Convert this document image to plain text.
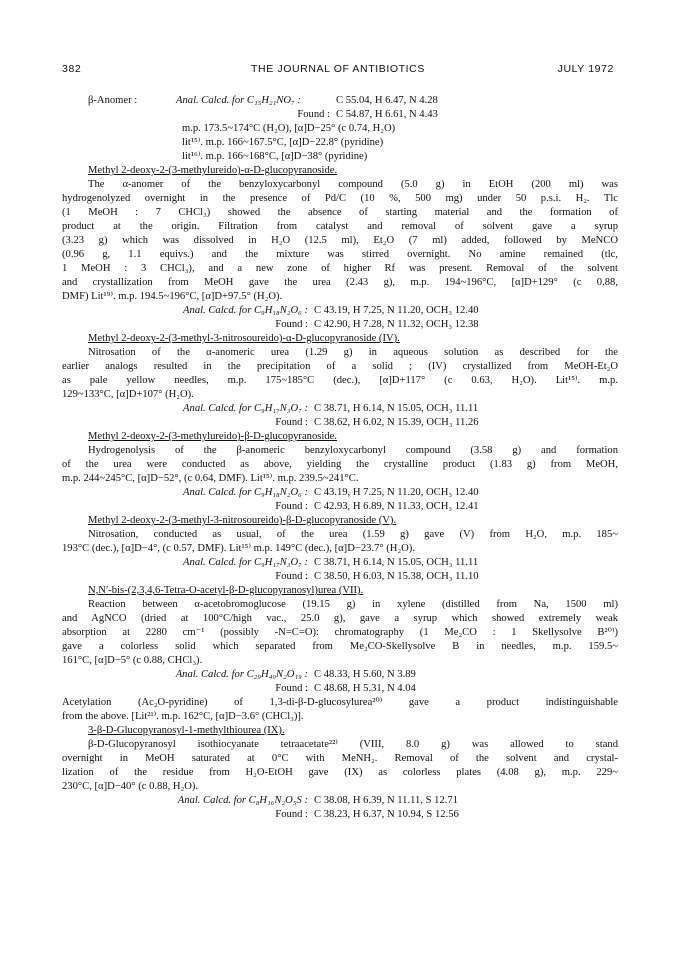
382	THE JOURNAL OF ANTIBIOTICS	JULY 1972
β-Anomer :	Anal. Calcd. for C₁₅H₂₁NO₇ :	C 55.04, H 6.47, N 4.28
Found : C 54.87, H 6.61, N 4.43
m.p. 173.5~174°C (H₂O), [α]D−25° (c 0.74, H₂O)
lit¹⁵⁾. m.p. 166~167.5°C, [α]D−22.8° (pyridine)
lit¹⁶⁾. m.p. 166~168°C, [α]D−38° (pyridine)
Methyl 2-deoxy-2-(3-methylureido)-α-D-glucopyranoside.
The α-anomer of the benzyloxycarbonyl compound (5.0 g) in EtOH (200 ml) was
hydrogenolyzed overnight in the presence of Pd/C (10 %, 500 mg) under 50 p.s.i. H₂. Tlc
(1 MeOH : 7 CHCl₃) showed the absence of starting material and the formation of
product at the origin. Filtration from catalyst and removal of solvent gave a syrup
(3.23 g) which was dissolved in H₂O (12.5 ml), Et₂O (7 ml) added, followed by MeNCO
(0.96 g, 1.1 equivs.) and the mixture was stirred overnight. No amine remained (tlc,
1 MeOH : 3 CHCl₃), and a new zone of higher Rf was present. Removal of the solvent
and crystallization from MeOH gave the urea (2.43 g), m.p. 194~196°C, [α]D+129° (c 0.88,
DMF) Lit¹⁹⁾. m.p. 194.5~196°C, [α]D+97.5° (H₂O).
Anal. Calcd. for C₉H₁₈N₂O₆ : C 43.19, H 7.25, N 11.20, OCH₃ 12.40
Found : C 42.90, H 7.28, N 11.32, OCH₃ 12.38
Methyl 2-deoxy-2-(3-methyl-3-nitrosoureido)-α-D-glucopyranoside (IV).
Nitrosation of the α-anomeric urea (1.29 g) in aqueous solution as described for the
earlier analogs resulted in the precipitation of a solid ; (IV) crystallized from MeOH-Et₂O
as pale yellow needles, m.p. 175~185°C (dec.), [α]D+117° (c 0.63, H₂O). Lit¹⁵⁾. m.p.
129~133°C, [α]D+107° (H₂O).
Anal. Calcd. for C₉H₁₇N₃O₇ : C 38.71, H 6.14, N 15.05, OCH₃ 11.11
Found : C 38.62, H 6.02, N 15.39, OCH₃ 11.26
Methyl 2-deoxy-2-(3-methylureido)-β-D-glucopyranoside.
Hydrogenolysis of the β-anomeric benzyloxycarbonyl compound (3.58 g) and formation
of the urea were conducted as above, yielding the crystalline product (1.83 g) from MeOH,
m.p. 244~245°C, [α]D−52°, (c 0.64, DMF). Lit¹⁵⁾. m.p. 239.5~241°C.
Anal. Calcd. for C₉H₁₈N₂O₆ : C 43.19, H 7.25, N 11.20, OCH₃ 12.40
Found : C 42.93, H 6.89, N 11.33, OCH₃ 12.41
Methyl 2-deoxy-2-(3-methyl-3-nitrosoureido)-β-D-glucopyranoside (V).
Nitrosation, conducted as usual, of the urea (1.59 g) gave (V) from H₂O, m.p. 185~
193°C (dec.), [α]D−4°, (c 0.57, DMF). Lit¹⁵⁾ m.p. 149°C (dec.), [α]D−23.7° (H₂O).
Anal. Calcd. for C₉H₁₇N₃O₇ : C 38.71, H 6.14, N 15.05, OCH₃ 11.11
Found : C 38.50, H 6.03, N 15.38, OCH₃ 11.10
N,N′-bis-(2,3,4,6-Tetra-O-acetyl-β-D-glucopyranosyl)urea (VII).
Reaction between α-acetobromoglucose (19.15 g) in xylene (distilled from Na, 1500 ml)
and AgNCO (dried at 100°C/high vac., 25.0 g), gave a syrup which showed extremely weak
absorption at 2280 cm⁻¹ (possibly -N=C=O): chromatography (1 Me₂CO : 1 Skellysolve B²⁰⁾)
gave a colorless solid which separated from Me₂CO-Skellysolve B in needles, m.p. 159.5~
161°C, [α]D−5° (c 0.88, CHCl₃).
Anal. Calcd. for C₂₉H₄₀N₂O₁₉ : C 48.33, H 5.60, N 3.89
Found : C 48.68, H 5.31, N 4.04
Acetylation (Ac₂O-pyridine) of 1,3-di-β-D-glucosylurea²⁰⁾ gave a product indistinguishable
from the above. [Lit²¹⁾. m.p. 162°C, [α]D−3.6° (CHCl₃)].
3-β-D-Glucopyranosyl-1-methylthiourea (IX).
β-D-Glucopyranosyl isothiocyanate tetraacetate²²⁾ (VIII, 8.0 g) was allowed to stand
overnight in MeOH saturated at 0°C with MeNH₂. Removal of the solvent and crystal-
lization of the residue from H₂O-EtOH gave (IX) as colorless plates (4.08 g), m.p. 229~
230°C, [α]D−40° (c 0.88, H₂O).
Anal. Calcd. for C₈H₁₆N₂O₅S : C 38.08, H 6.39, N 11.11, S 12.71
Found : C 38.23, H 6.37, N 10.94, S 12.56
